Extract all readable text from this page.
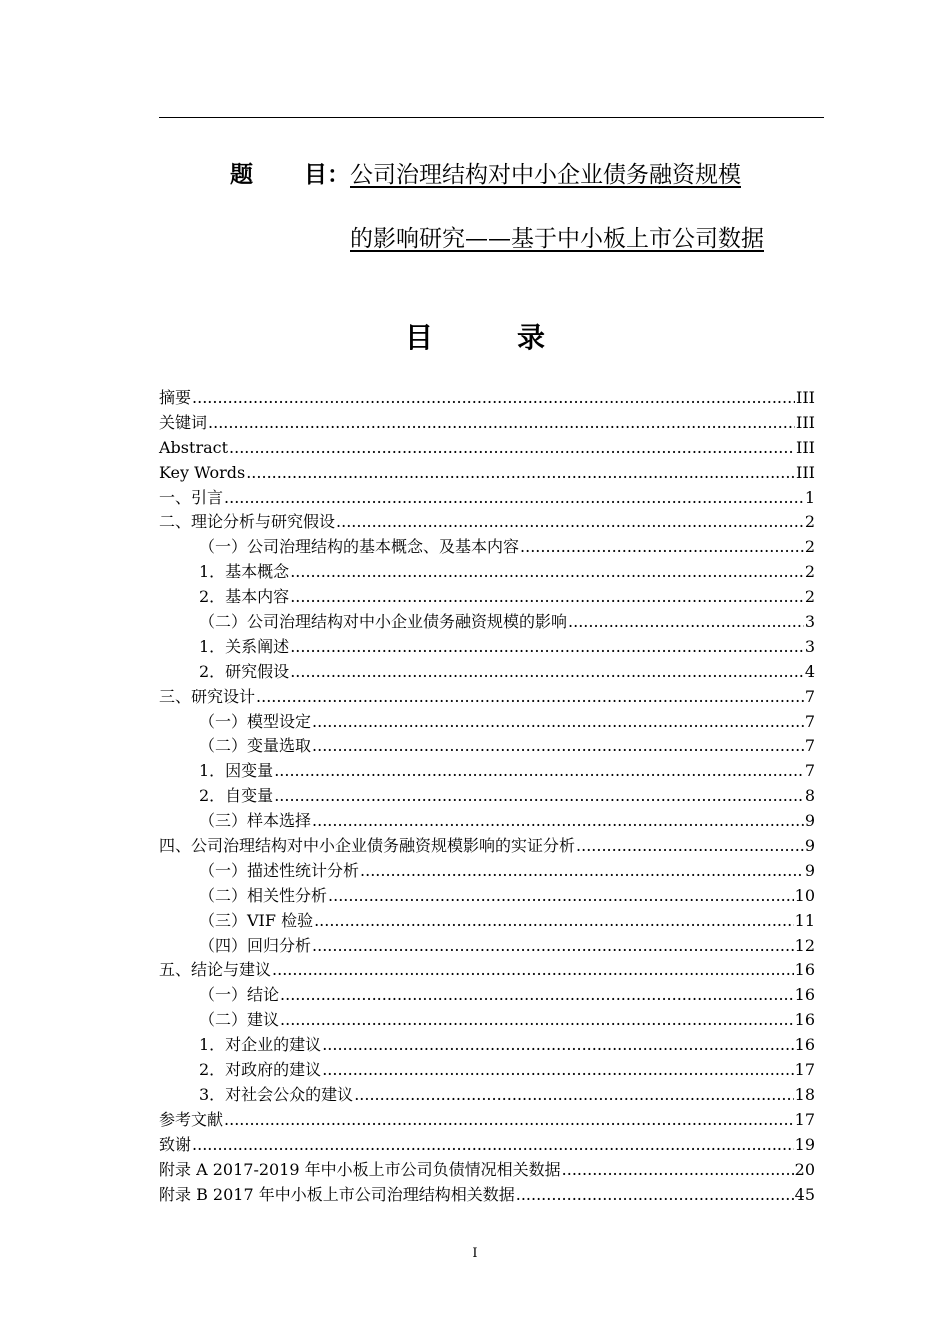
题 目：公司治理结构对中小企业债务融资规模
的影响研究——基于中小板上市公司数据
目	录
摘要 .....	III
关键词 .....	III
Abstract .....	III
Key Words .....	III
一、引言 .....	1
二、理论分析与研究假设 .....	2
（一）公司治理结构的基本概念、及基本内容 .....	2
1．基本概念 .....	2
2．基本内容 .....	2
（二）公司治理结构对中小企业债务融资规模的影响 .....	3
1．关系阐述 .....	3
2．研究假设 .....	4
三、研究设计 .....	7
（一）模型设定 .....	7
（二）变量选取 .....	7
1．因变量 .....	7
2．自变量 .....	8
（三）样本选择 .....	9
四、公司治理结构对中小企业债务融资规模影响的实证分析 .....	9
（一）描述性统计分析 .....	9
（二）相关性分析 .....	10
（三）VIF 检验 .....	11
（四）回归分析 .....	12
五、结论与建议 .....	16
（一）结论 .....	16
（二）建议 .....	16
1．对企业的建议 .....	16
2．对政府的建议 .....	17
3．对社会公众的建议 .....	18
参考文献 .....	17
致谢 .....	19
附录 A 2017-2019 年中小板上市公司负债情况相关数据 .....	20
附录 B 2017 年中小板上市公司治理结构相关数据 .....	45
I
